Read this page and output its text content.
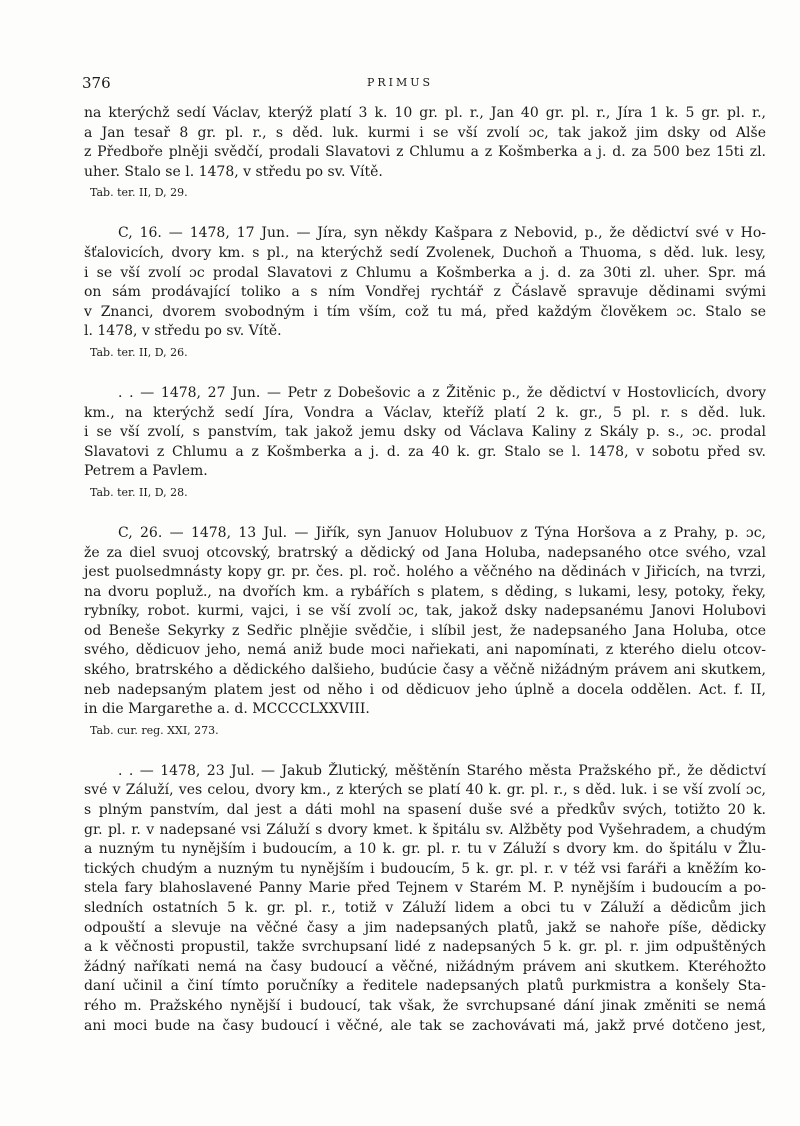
376	PRIMUS
na kterýchž sedí Václav, kterýž platí 3 k. 10 gr. pl. r., Jan 40 gr. pl. r., Jíra 1 k. 5 gr. pl. r.,
a Jan tesař 8 gr. pl. r., s děd. luk. kurmi i se vší zvolí ɔc, tak jakož jim dsky od Alše
z Předboře plněji svědčí, prodali Slavatovi z Chlumu a z Košmberka a j. d. za 500 bez 15ti zl.
uher. Stalo se l. 1478, v středu po sv. Vítě.
Tab. ter. II, D, 29.
C, 16. — 1478, 17 Jun. — Jíra, syn někdy Kašpara z Nebovid, p., že dědictví své v Ho-
šťalovicích, dvory km. s pl., na kterýchž sedí Zvolenek, Duchoň a Thuoma, s děd. luk. lesy,
i se vší zvolí ɔc prodal Slavatovi z Chlumu a Košmberka a j. d. za 30ti zl. uher. Spr. má
on sám prodávající toliko a s ním Vondřej rychtář z Čáslavě spravuje dědinami svými
v Znanci, dvorem svobodným i tím vším, což tu má, před každým člověkem ɔc. Stalo se
l. 1478, v středu po sv. Vítě.
Tab. ter. II, D, 26.
. . — 1478, 27 Jun. — Petr z Dobešovic a z Žitěnic p., že dědictví v Hostovlicích, dvory
km., na kterýchž sedí Jíra, Vondra a Václav, kteříž platí 2 k. gr., 5 pl. r. s děd. luk.
i se vší zvolí, s panstvím, tak jakož jemu dsky od Václava Kaliny z Skály p. s., ɔc. prodal
Slavatovi z Chlumu a z Košmberka a j. d. za 40 k. gr. Stalo se l. 1478, v sobotu před sv.
Petrem a Pavlem.
Tab. ter. II, D, 28.
C, 26. — 1478, 13 Jul. — Jiřík, syn Januov Holubuov z Týna Horšova a z Prahy, p. ɔc,
že za diel svuoj otcovský, bratrský a dědický od Jana Holuba, nadepsaného otce svého, vzal
jest puolsedmnásty kopy gr. pr. čes. pl. roč. holého a věčného na dědinách v Jiřicích, na tvrzi,
na dvoru popluž., na dvořích km. a rybářích s platem, s děding, s lukami, lesy, potoky, řeky,
rybníky, robot. kurmi, vajci, i se vší zvolí ɔc, tak, jakož dsky nadepsanému Janovi Holubovi
od Beneše Sekyrky z Sedřic plnějie svědčie, i slíbil jest, že nadepsaného Jana Holuba, otce
svého, dědicuov jeho, nemá aniž bude moci nařiekati, ani napomínati, z kterého dielu otcov-
ského, bratrského a dědického dalšieho, budúcie časy a věčně nižádným právem ani skutkem,
neb nadepsaným platem jest od něho i od dědicuov jeho úplně a docela oddělen. Act. f. II,
in die Margarethe a. d. MCCCCLXXVIII.
Tab. cur. reg. XXI, 273.
. . — 1478, 23 Jul. — Jakub Žlutický, měštěnín Starého města Pražského př., že dědictví
své v Záluží, ves celou, dvory km., z kterých se platí 40 k. gr. pl. r., s děd. luk. i se vší zvolí ɔc,
s plným panstvím, dal jest a dáti mohl na spasení duše své a předkův svých, totižto 20 k.
gr. pl. r. v nadepsané vsi Záluží s dvory kmet. k špitálu sv. Alžběty pod Vyšehradem, a chudým
a nuzným tu nynějším i budoucím, a 10 k. gr. pl. r. tu v Záluží s dvory km. do špitálu v Žlu-
tických chudým a nuzným tu nynějším i budoucím, 5 k. gr. pl. r. v též vsi faráři a kněžím ko-
stela fary blahoslavené Panny Marie před Tejnem v Starém M. P. nynějším i budoucím a po-
sledních ostatních 5 k. gr. pl. r., totiž v Záluží lidem a obci tu v Záluží a dědicům jich
odpouští a slevuje na věčné časy a jim nadepsaných platů, jakž se nahoře píše, dědicky
a k věčnosti propustil, takže svrchupsaní lidé z nadepsaných 5 k. gr. pl. r. jim odpuštěných
žádný naříkati nemá na časy budoucí a věčné, nižádným právem ani skutkem. Kteréhožto
daní učinil a činí tímto poručníky a ředitele nadepsaných platů purkmistra a konšely Sta-
rého m. Pražského nynější i budoucí, tak však, že svrchupsané dání jinak změniti se nemá
ani moci bude na časy budoucí i věčné, ale tak se zachovávati má, jakž prvé dotčeno jest,
